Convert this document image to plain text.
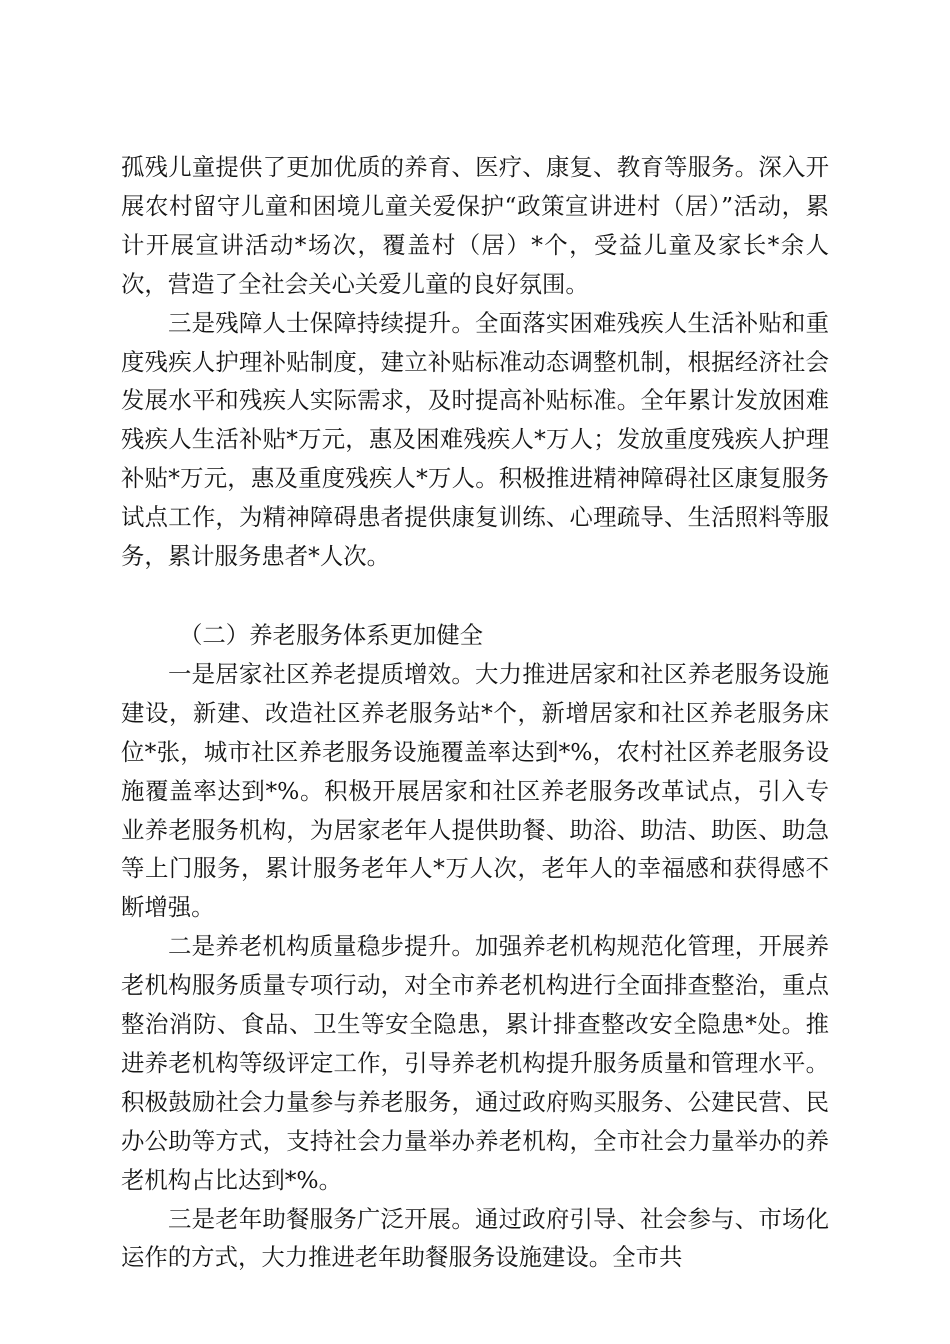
孤残儿童提供了更加优质的养育、医疗、康复、教育等服务。深入开展农村留守儿童和困境儿童关爱保护“政策宣讲进村（居）”活动，累计开展宣讲活动*场次，覆盖村（居）*个，受益儿童及家长*余人次，营造了全社会关心关爱儿童的良好氛围。

三是残障人士保障持续提升。全面落实困难残疾人生活补贴和重度残疾人护理补贴制度，建立补贴标准动态调整机制，根据经济社会发展水平和残疾人实际需求，及时提高补贴标准。全年累计发放困难残疾人生活补贴*万元，惠及困难残疾人*万人；发放重度残疾人护理补贴*万元，惠及重度残疾人*万人。积极推进精神障碍社区康复服务试点工作，为精神障碍患者提供康复训练、心理疏导、生活照料等服务，累计服务患者*人次。

（二）养老服务体系更加健全

一是居家社区养老提质增效。大力推进居家和社区养老服务设施建设，新建、改造社区养老服务站*个，新增居家和社区养老服务床位*张，城市社区养老服务设施覆盖率达到*%，农村社区养老服务设施覆盖率达到*%。积极开展居家和社区养老服务改革试点，引入专业养老服务机构，为居家老年人提供助餐、助浴、助洁、助医、助急等上门服务，累计服务老年人*万人次，老年人的幸福感和获得感不断增强。

二是养老机构质量稳步提升。加强养老机构规范化管理，开展养老机构服务质量专项行动，对全市养老机构进行全面排查整治，重点整治消防、食品、卫生等安全隐患，累计排查整改安全隐患*处。推进养老机构等级评定工作，引导养老机构提升服务质量和管理水平。积极鼓励社会力量参与养老服务，通过政府购买服务、公建民营、民办公助等方式，支持社会力量举办养老机构，全市社会力量举办的养老机构占比达到*%。

三是老年助餐服务广泛开展。通过政府引导、社会参与、市场化运作的方式，大力推进老年助餐服务设施建设。全市共
